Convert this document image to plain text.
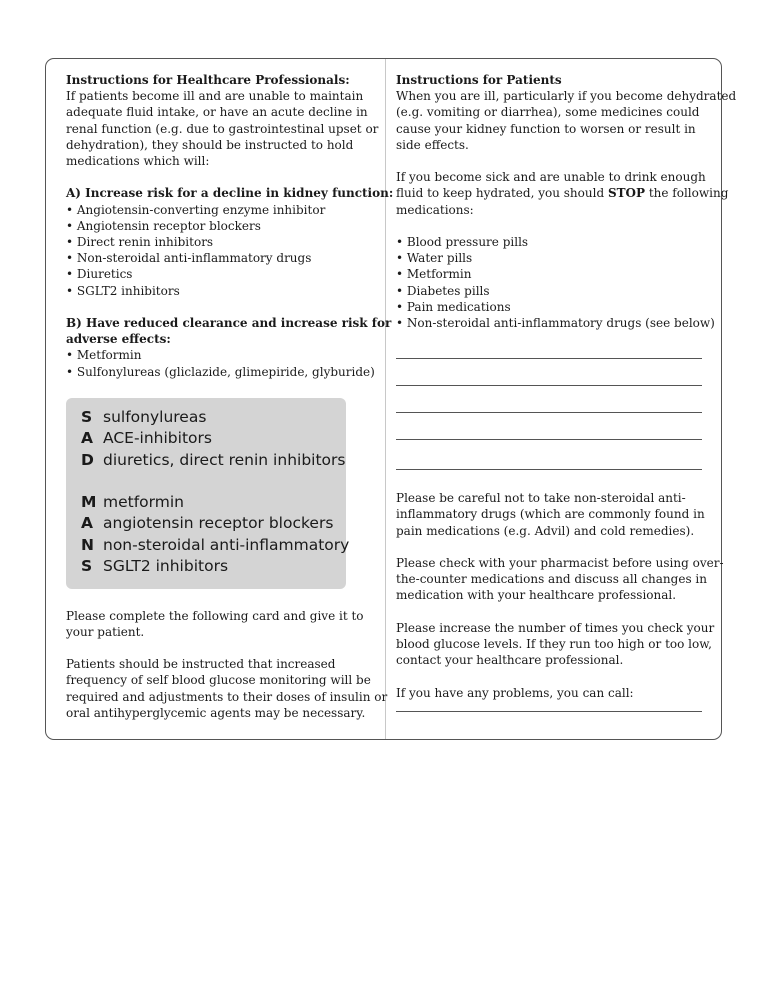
Instructions for Healthcare Professionals:
If patients become ill and are unable to maintain
adequate fluid intake, or have an acute decline in
renal function (e.g. due to gastrointestinal upset or
dehydration), they should be instructed to hold
medications which will:
A) Increase risk for a decline in kidney function:
• Angiotensin-converting enzyme inhibitor
• Angiotensin receptor blockers
• Direct renin inhibitors
• Non-steroidal anti-inflammatory drugs
• Diuretics
• SGLT2 inhibitors
B) Have reduced clearance and increase risk for
adverse effects:
• Metformin
• Sulfonylureas (gliclazide, glimepiride, glyburide)
S sulfonylureas
A ACE-inhibitors
D diuretics, direct renin inhibitors
M metformin
A angiotensin receptor blockers
N non-steroidal anti-inflammatory
S SGLT2 inhibitors
Please complete the following card and give it to
your patient.
Patients should be instructed that increased
frequency of self blood glucose monitoring will be
required and adjustments to their doses of insulin or
oral antihyperglycemic agents may be necessary.
Instructions for Patients
When you are ill, particularly if you become dehydrated
(e.g. vomiting or diarrhea), some medicines could
cause your kidney function to worsen or result in
side effects.
If you become sick and are unable to drink enough
fluid to keep hydrated, you should STOP the following
medications:
• Blood pressure pills
• Water pills
• Metformin
• Diabetes pills
• Pain medications
• Non-steroidal anti-inflammatory drugs (see below)
Please be careful not to take non-steroidal anti-
inflammatory drugs (which are commonly found in
pain medications (e.g. Advil) and cold remedies).
Please check with your pharmacist before using over-
the-counter medications and discuss all changes in
medication with your healthcare professional.
Please increase the number of times you check your
blood glucose levels. If they run too high or too low,
contact your healthcare professional.
If you have any problems, you can call:
